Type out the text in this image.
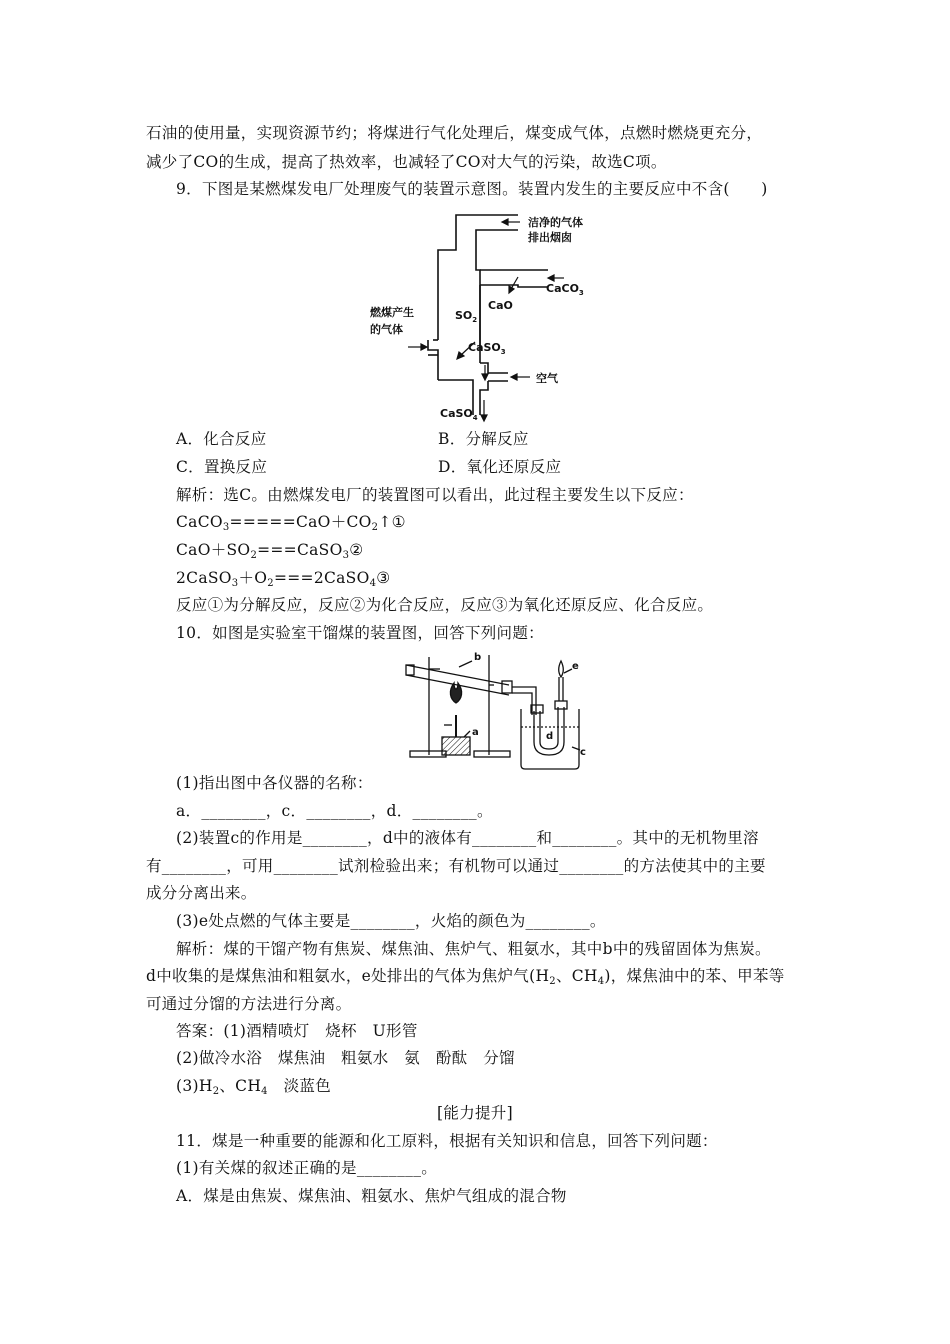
石油的使用量，实现资源节约；将煤进行气化处理后，煤变成气体，点燃时燃烧更充分，
减少了CO的生成，提高了热效率，也减轻了CO对大气的污染，故选C项。
9．下图是某燃煤发电厂处理废气的装置示意图。装置内发生的主要反应中不含(　　)
洁净的气体
排出烟囱
燃煤产生
的气体
$SO_2$
CaO
CaCO$_3$
CaSO$_3$
空气
CaSO$_4$
A．化合反应	B．分解反应
C．置换反应	D．氧化还原反应
解析：选C。由燃煤发电厂的装置图可以看出，此过程主要发生以下反应：
$CaCO_3=====CaO+CO_2↑①$
$CaO+SO_2===CaSO_3②$
$2CaSO_3+O_2===2CaSO_4③$
反应①为分解反应，反应②为化合反应，反应③为氧化还原反应、化合反应。
10．如图是实验室干馏煤的装置图，回答下列问题：
b
a	d
c
e
(1)指出图中各仪器的名称：
a．________，c．________，d．________。
(2)装置c的作用是________，d中的液体有________和________。其中的无机物里溶
有________，可用________试剂检验出来；有机物可以通过________的方法使其中的主要
成分分离出来。
(3)e处点燃的气体主要是________，火焰的颜色为________。
解析：煤的干馏产物有焦炭、煤焦油、焦炉气、粗氨水，其中b中的残留固体为焦炭。
d中收集的是煤焦油和粗氨水，e处排出的气体为焦炉气($H_2$、$CH_4$)，煤焦油中的苯、甲苯等
可通过分馏的方法进行分离。
答案：(1)酒精喷灯　烧杯　U形管
(2)做冷水浴　煤焦油　粗氨水　氨　酚酞　分馏
$(3)H_2$、$CH_4$　淡蓝色
[能力提升]
11．煤是一种重要的能源和化工原料，根据有关知识和信息，回答下列问题：
(1)有关煤的叙述正确的是________。
A．煤是由焦炭、煤焦油、粗氨水、焦炉气组成的混合物
